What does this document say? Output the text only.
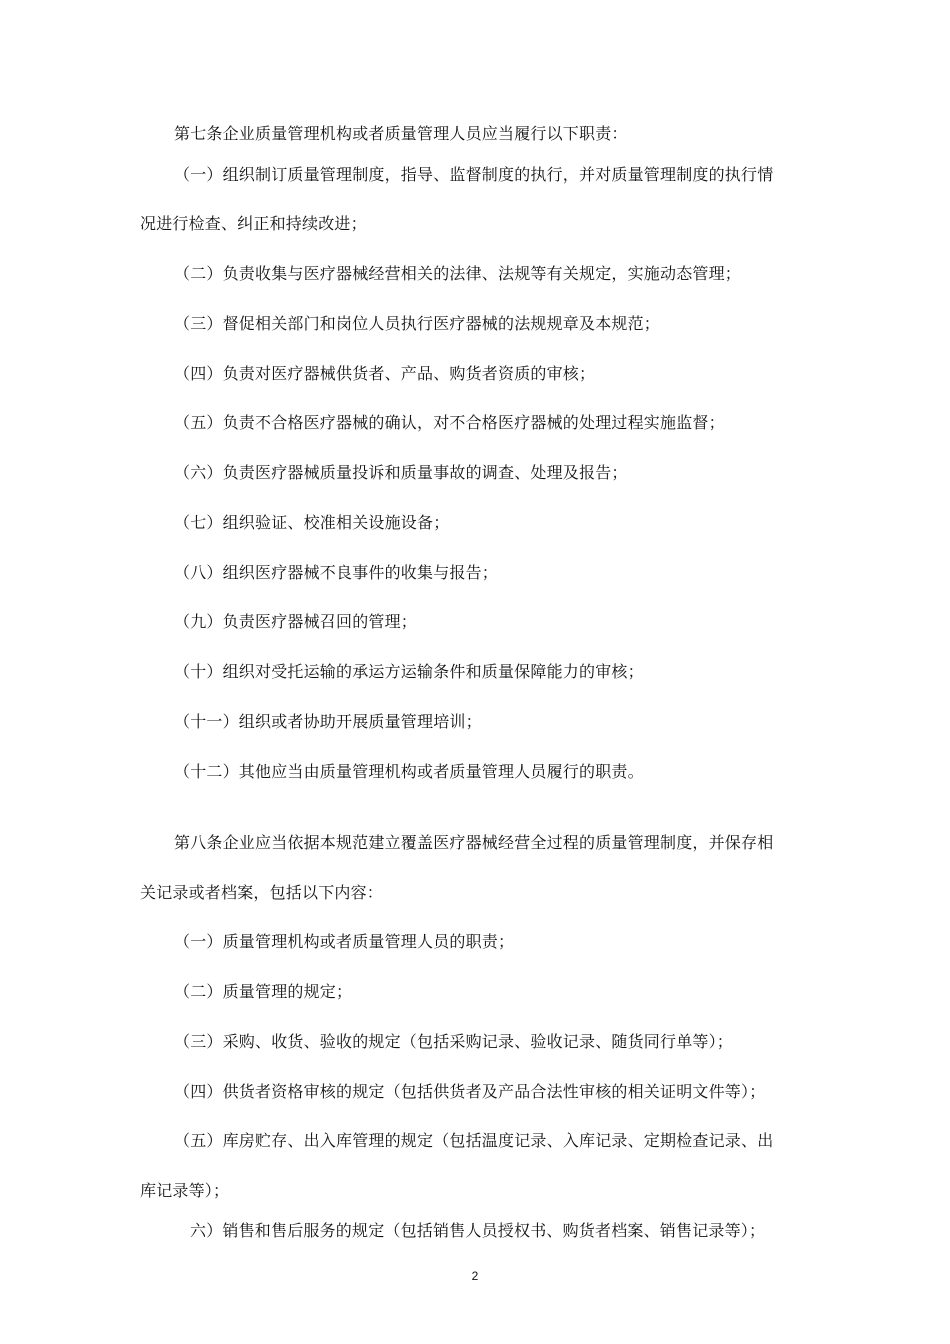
第七条企业质量管理机构或者质量管理人员应当履行以下职责：
（一）组织制订质量管理制度，指导、监督制度的执行，并对质量管理制度的执行情
况进行检查、纠正和持续改进；
（二）负责收集与医疗器械经营相关的法律、法规等有关规定，实施动态管理；
（三）督促相关部门和岗位人员执行医疗器械的法规规章及本规范；
（四）负责对医疗器械供货者、产品、购货者资质的审核；
（五）负责不合格医疗器械的确认，对不合格医疗器械的处理过程实施监督；
（六）负责医疗器械质量投诉和质量事故的调查、处理及报告；
（七）组织验证、校准相关设施设备；
（八）组织医疗器械不良事件的收集与报告；
（九）负责医疗器械召回的管理；
（十）组织对受托运输的承运方运输条件和质量保障能力的审核；
（十一）组织或者协助开展质量管理培训；
（十二）其他应当由质量管理机构或者质量管理人员履行的职责。
第八条企业应当依据本规范建立覆盖医疗器械经营全过程的质量管理制度，并保存相
关记录或者档案，包括以下内容：
（一）质量管理机构或者质量管理人员的职责；
（二）质量管理的规定；
（三）采购、收货、验收的规定（包括采购记录、验收记录、随货同行单等）；
（四）供货者资格审核的规定（包括供货者及产品合法性审核的相关证明文件等）；
（五）库房贮存、出入库管理的规定（包括温度记录、入库记录、定期检查记录、出
库记录等）；
六）销售和售后服务的规定（包括销售人员授权书、购货者档案、销售记录等）；
2
